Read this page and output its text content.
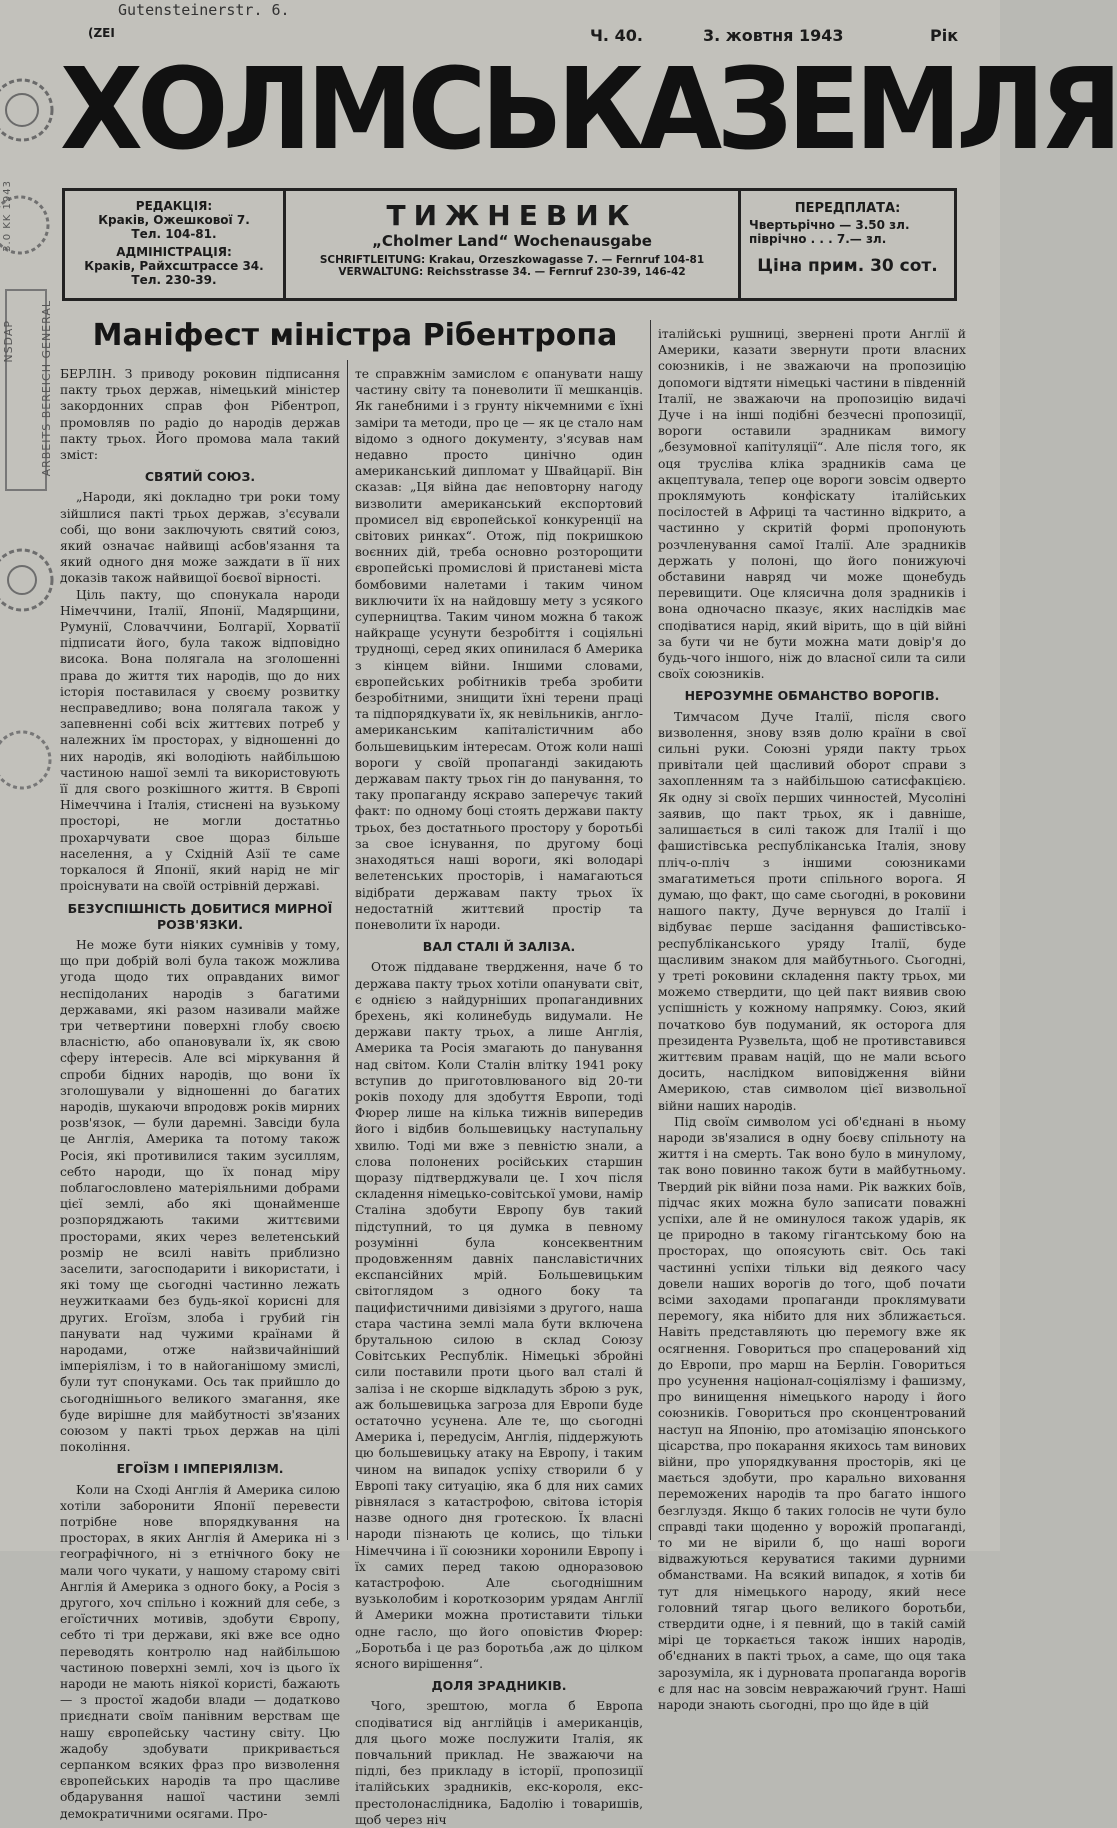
ARBEITS BEREICH GENERAL
NSDAP
3.0 KK 1943
Gutensteinerstr. 6.
(ZEI	Ч. 40.	3. жовтня 1943	Рік
ХОЛМСЬКАЗЕМЛЯ
РЕДАКЦІЯ:
Краків, Ожешкової 7.
Тел. 104-81.
АДМІНІСТРАЦІЯ:
Краків, Райхсштрассе 34.
Тел. 230-39.
ТИЖНЕВИК
„Cholmer Land“ Wochenausgabe
SCHRIFTLEITUNG: Krakau, Orzeszkowagasse 7. — Fernruf 104-81
VERWALTUNG: Reichsstrasse 34. — Fernruf 230-39, 146-42
ПЕРЕДПЛАТА:
Чвертьрічно — 3.50 зл.
піврічно . . . 7.— зл.
Ціна прим. 30 сот.
Маніфест міністра Рібентропа

БЕРЛІН. З приводу роковин підписання пакту трьох держав, німецький міністер закордонних справ фон Рібентроп, промовляв по радіо до народів держав пакту трьох. Його промова мала такий зміст:

СВЯТИЙ СОЮЗ.

„Народи, які докладно три роки тому зійшлися пакті трьох держав, з'єсували собі, що вони заключують святий союз, який означає найвищі асбов'язання та який одного дня може заждати в її них доказів також найвищої бoєвої вірності.

Ціль пакту, що спонукала народи Німеччини, Італії, Японії, Мадярщини, Румунії, Словаччини, Болгарії, Хорватії підписати його, була також відповідно висока. Вона полягала на зголошенні права до життя тих народів, що до них історія поставилася у своєму розвитку несправедливо; вона полягала також у запевненні собі всіх життєвих потреб у належних їм просторах, у відношенні до них народів, які володіють найбільшою частиною нашої землі та використовують її для свого розкішного життя. В Європі Німеччина і Італія, стиснені на вузькому просторі, не могли достатньо прохарчувати свое щораз більше населення, а у Східній Азії те саме торкалося й Японії, який нарід не міг проіснувати на своїй острівній державі.

БЕЗУСПІШНІСТЬ ДОБИТИСЯ МИРНОЇ РОЗВ'ЯЗКИ.

Не може бути ніяких сумнівів у тому, що при добрій волі була також можлива угода щодо тих оправданих вимог неспідоланих народів з багатими державами, які разом називали майже три четвертини поверхні глобу своєю власністю, або опановували їх, як свою сферу інтересів. Але всі міркування й спроби бідних народів, що вони їх зголошували у відношенні до багатих народів, шукаючи впродовж років мирних розв'язок, — були даремні. Завсіди була це Англія, Америка та потому також Росія, які противилися таким зусиллям, себто народи, що їх понад міру поблагословлено матеріяльними добрами цієї землі, або які щонайменше розпоряджають такими життєвими просторами, яких через велетенський розмір не всилі навіть приблизно заселити, загосподарити і використати, і які тому ще сьогодні частинно лежать неужиткаами без будь-якої корисні для других. Егоїзм, злоба і грубий гін панувати над чужими країнами й народами, отже найзвичайніший імперіялізм, і то в найоганішому змислі, були тут спонуками. Ось так прийшло до сьогоднішнього великого змагання, яке буде вирішне для майбутності зв'язаних союзом у пакті трьох держав на цілі покоління.

ЕГОЇЗМ І ІМПЕРІЯЛІЗМ.

Коли на Сході Англія й Америка силою хотіли заборонити Японії перевести потрібне нове впорядкування на просторах, в яких Англія й Америка ні з географічного, ні з етнічного боку не мали чого чукати, у нашому старому світі Англія й Америка з одного боку, а Росія з другого, хоч спільно і кожний для себе, з егоїстичних мотивів, здобути Європу, себто ті три держави, які вже все одно переводять контролю над найбільшою частиною поверхні землі, хоч із цього їх народи не мають ніякої користі, бажають — з простої жадоби влади — додатково приєднати своїм панівним верствам ще нашу європейську частину світу. Цю жадобу здобувати прикривається серпанком всяких фраз про визволення європейських народів та про щасливе обдарування нашої частини землі демократичними осягами. Про-

те справжнім замислом є опанувати нашу частину світу та поневолити її мешканців. Як ганебними і з грунту нікчемними є їхні заміри та методи, про це — як це стало нам відомо з одного документу, з'ясував нам недавно просто цинічно один американський дипломат у Швайцарії. Він сказав: „Ця війна дає неповторну нагоду визволити американський експортовий промисел від європейської конкуренції на світових ринках“. Отож, під покришкою воєнних дій, треба основно розторощити європейські промислові й пристаневі міста бомбовими налетами і таким чином виключити їх на найдовшу мету з усякого суперництва. Таким чином можна б також найкраще усунути безробіття і соціяльні труднощі, серед яких опинилася б Америка з кінцем війни. Іншими словами, європейських робітників треба зробити безробітними, знищити їхні терени праці та підпорядкувати їх, як невільників, англо-американським капіталістичним або большевицьким інтересам. Отож коли наші вороги у своїй пропаганді закидають державам пакту трьох гін до панування, то таку пропаганду яскраво заперечує такий факт: по одному боці стоять держави пакту трьох, без достатнього простору у боротьбі за свое існування, по другому боці знаходяться наші вороги, які володарі велетенських просторів, і намагаються відібрати державам пакту трьох їх недостатній життєвий простір та поневолити їх народи.

ВАЛ СТАЛІ Й ЗАЛІЗА.

Отож піддаване твердження, наче б то держава пакту трьох хотіли опанувати світ, є однією з найдурніших пропагандивних брехень, які колинебудь видумали. Не держави пакту трьох, а лише Англія, Америка та Росія змагають до панування над світом. Коли Сталін влітку 1941 року вступив до приготовлюваного від 20-ти років походу для здобуття Европи, тоді Фюрер лише на кілька тижнів випередив його і відбив большевицьку наступальну хвилю. Тоді ми вже з певністю знали, а слова полонених російських старшин щоразу підтверджували це. І хоч після складення німецько-совітської умови, намір Сталіна здобути Европу був такий підступний, то ця думка в певному розумінні була консеквентним продовженням давніх панславістичних експансійних мрій. Большевицьким світоглядом з одного боку та пацифистичними дивізіями з другого, наша стара частина землі мала бути включена брутальною силою в склад Союзу Совітських Республік. Німецькі збройні сили поставили проти цього вал сталі й заліза і не скорше відкладуть зброю з рук, аж большевицька загроза для Европи буде остаточно усунена. Але те, що сьогодні Америка і, передусім, Англія, піддержують цю большевицьку атаку на Европу, і таким чином на випадок успіху створили б у Европі таку ситуацію, яка б для них самих рівнялася з катастрофою, світова історія назве одного дня гротескою. Їх власні народи пізнають це колись, що тільки Німеччина і її союзники хоронили Европу і їх самих перед такою одноразовою катастрофою. Але сьогоднішним вузьколобим і короткозорим урядам Англії й Америки можна протиставити тільки одне гасло, що його оповістив Фюрер: „Боротьба і це раз боротьба ,аж до цілком ясного вирішення“.

ДОЛЯ ЗРАДНИКІВ.

Чого, зрештою, могла б Европа сподіватися від англійців і американців, для цього може послужити Італія, як повчальний приклад. Не зважаючи на підлі, без прикладу в історії, пропозиції італійських зрадників, екс-короля, екс-престолонаслідника, Бадолію і товаришів, щоб через ніч

італійські рушниці, звернені проти Англії й Америки, казати звернути проти власних союзників, і не зважаючи на пропозицію допомоги відтяти німецькі частини в південній Італії, не зважаючи на пропозицію видачі Дуче і на інші подібні безчесні пропозиції, вороги оставили зрадникам вимогу „безумовної капітуляції“. Але після того, як оця трусліва кліка зрадників сама це акцептувала, тепер оце вороги зовсім одверто проклямують конфіскату італійських посілостей в Африці та частинно відкрито, а частинно у скритій формі пропонують розчленування самої Італії. Але зрадників держать у полоні, що його понижуючі обставини навряд чи може щонебудь перевищити. Оце клясична доля зрадників і вона одночасно пказує, яких наслідків має сподіватися нарід, який вірить, що в цій війні за бути чи не бути можна мати довір'я до будь-чого іншого, ніж до власної сили та сили своїх союзників.

НЕРОЗУМНЕ ОБМАНСТВО ВОРОГІВ.

Тимчасом Дуче Італії, після свого визволення, знову взяв долю країни в свої сильні руки. Союзні уряди пакту трьох привітали цей щасливий оборот справи з захопленням та з найбільшою сатисфакцією. Як одну зі своїх перших чинностей, Мусоліні заявив, що пакт трьох, як і давніше, залишається в силі також для Італії і що фашистівська республіканська Італія, знову пліч-о-пліч з іншими союзниками змагатиметься проти спільного ворога. Я думаю, що факт, що саме сьогодні, в роковини нашого пакту, Дуче вернувся до Італії і відбуває перше засідання фашистівсько-республіканського уряду Італії, буде щасливим знаком для майбутнього. Сьогодні, у треті роковини складення пакту трьох, ми можемо ствердити, що цей пакт виявив свою успішність у кожному напрямку. Союз, який початково був подуманий, як осторога для президента Рузвельта, щоб не противставився життєвим правам націй, що не мали всього досить, наслідком виповідження війни Америкою, став символом цієї визвольної війни наших народів.

Під своїм символом усі об'єднані в ньому народи зв'язалися в одну боєву спільноту на життя і на смерть. Так воно було в минулому, так воно повинно також бути в майбутньому. Твердий рік війни поза нами. Рік важких боїв, підчас яких можна було записати поважні успіхи, але й не оминулося також ударів, як це природно в такому гігантському бою на просторах, що опоясують світ. Ось такі частинні успіхи тільки від деякого часу довели наших ворогів до того, щоб почати всіми заходами пропаганди проклямувати перемогу, яка нібито для них зближається. Навіть представляють цю перемогу вже як осягнення. Говориться про спацерований хід до Европи, про марш на Берлін. Говориться про усунення націонал-соціялізму і фашизму, про винищення німецького народу і його союзників. Говориться про сконцентрований наступ на Японію, про атомізацію японського цісарства, про покарання якихось там винових війни, про упорядкування просторів, які це мається здобути, про карально виховання переможених народів та про багато іншого безглуздя. Якщо б таких голосів не чути було справді таки щоденно у ворожій пропаганді, то ми не вірили б, що наші вороги відважуються керуватися такими дурними обманствами. На всякий випадок, я хотів би тут для німецького народу, який несе головний тягар цього великого боротьби, ствердити одне, і я певний, що в такій самій мірі це торкається також інших народів, об'єднаних в пакті трьох, а саме, що оця така зарозуміла, як і дурновата пропаганда ворогів є для нас на зовсім невражаючий ґрунт. Наші народи знають сьогодні, про що йде в цій
